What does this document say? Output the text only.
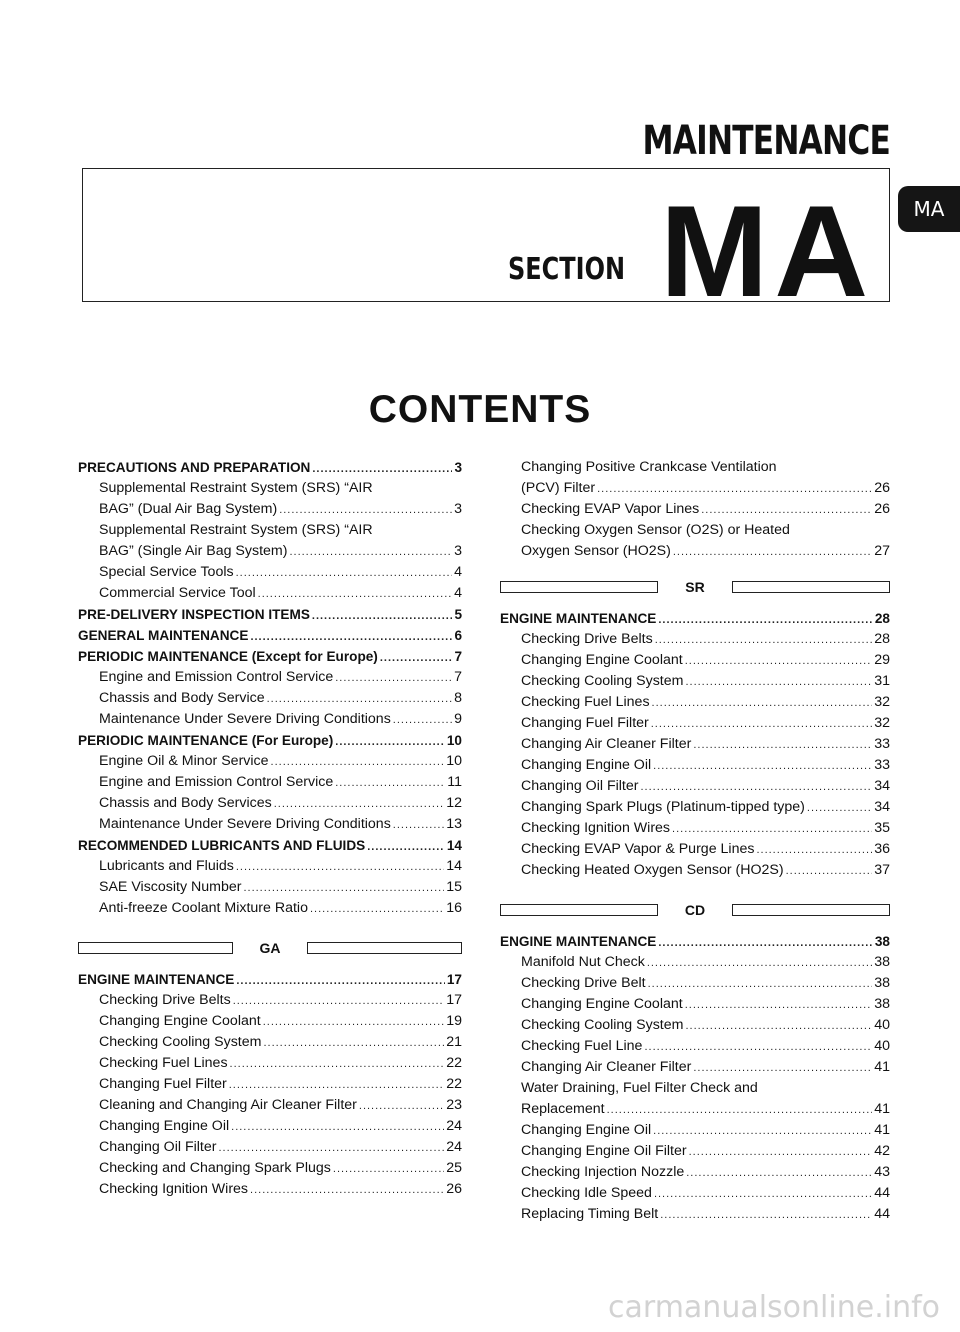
MAINTENANCE
SECTION MA MA
CONTENTS
PRECAUTIONS AND PREPARATION .....	3
Supplemental Restraint System (SRS) “AIR
BAG” (Dual Air Bag System) .....	3
Supplemental Restraint System (SRS) “AIR
BAG” (Single Air Bag System) .....	3
Special Service Tools .....	4
Commercial Service Tool .....	4
PRE-DELIVERY INSPECTION ITEMS .....	5
GENERAL MAINTENANCE .....	6
PERIODIC MAINTENANCE (Except for Europe) .....	7
Engine and Emission Control Service .....	7
Chassis and Body Service .....	8
Maintenance Under Severe Driving Conditions .....	9
PERIODIC MAINTENANCE (For Europe) .....	10
Engine Oil & Minor Service .....	10
Engine and Emission Control Service .....	11
Chassis and Body Services .....	12
Maintenance Under Severe Driving Conditions .....	13
RECOMMENDED LUBRICANTS AND FLUIDS .....	14
Lubricants and Fluids .....	14
SAE Viscosity Number .....	15
Anti-freeze Coolant Mixture Ratio .....	16
GA
ENGINE MAINTENANCE .....	17
Checking Drive Belts .....	17
Changing Engine Coolant .....	19
Checking Cooling System .....	21
Checking Fuel Lines .....	22
Changing Fuel Filter .....	22
Cleaning and Changing Air Cleaner Filter .....	23
Changing Engine Oil .....	24
Changing Oil Filter .....	24
Checking and Changing Spark Plugs .....	25
Checking Ignition Wires .....	26
Changing Positive Crankcase Ventilation
(PCV) Filter .....	26
Checking EVAP Vapor Lines .....	26
Checking Oxygen Sensor (O2S) or Heated
Oxygen Sensor (HO2S) .....	27
SR
ENGINE MAINTENANCE .....	28
Checking Drive Belts .....	28
Changing Engine Coolant .....	29
Checking Cooling System .....	31
Checking Fuel Lines .....	32
Changing Fuel Filter .....	32
Changing Air Cleaner Filter .....	33
Changing Engine Oil .....	33
Changing Oil Filter .....	34
Changing Spark Plugs (Platinum-tipped type) .....	34
Checking Ignition Wires .....	35
Checking EVAP Vapor & Purge Lines .....	36
Checking Heated Oxygen Sensor (HO2S) .....	37
CD
ENGINE MAINTENANCE .....	38
Manifold Nut Check .....	38
Checking Drive Belt .....	38
Changing Engine Coolant .....	38
Checking Cooling System .....	40
Checking Fuel Line .....	40
Changing Air Cleaner Filter .....	41
Water Draining, Fuel Filter Check and
Replacement .....	41
Changing Engine Oil .....	41
Changing Engine Oil Filter .....	42
Checking Injection Nozzle .....	43
Checking Idle Speed .....	44
Replacing Timing Belt .....	44
carmanualsonline.info
